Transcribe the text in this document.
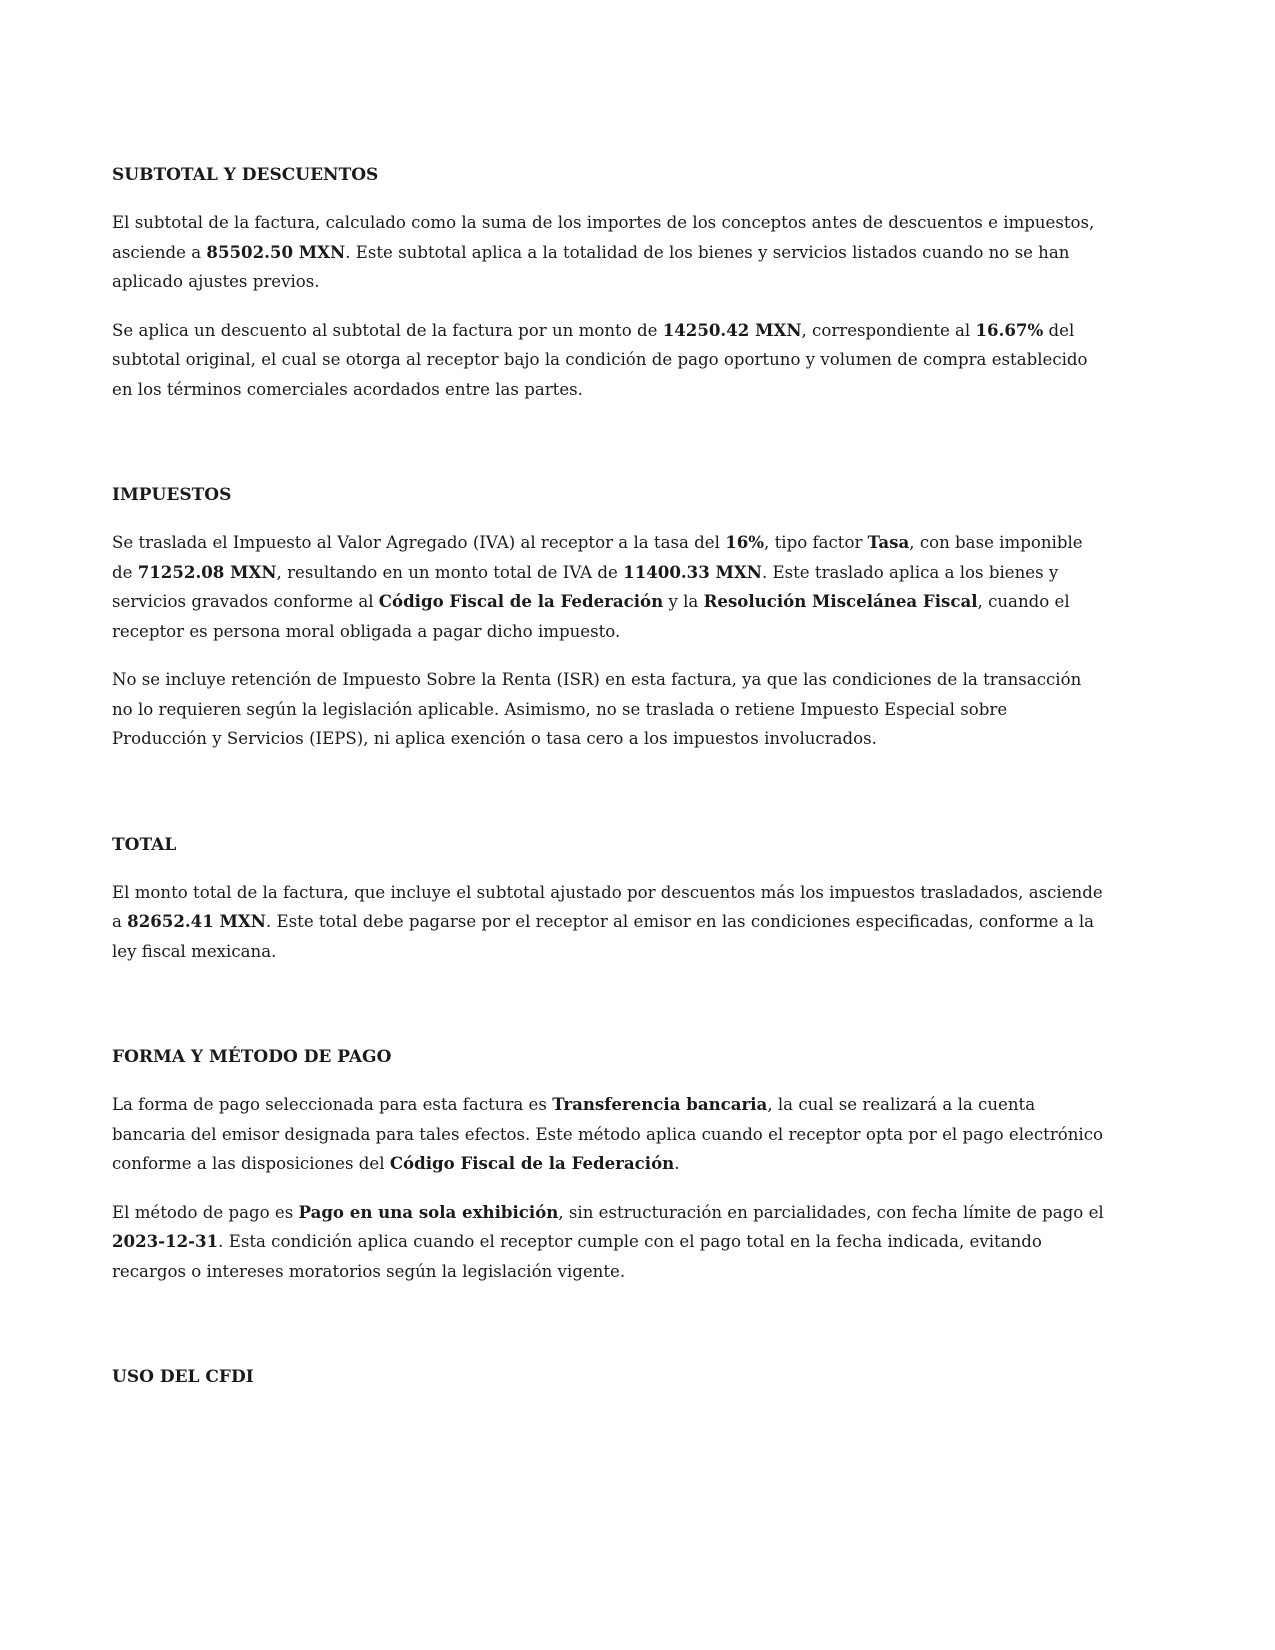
SUBTOTAL Y DESCUENTOS

El subtotal de la factura, calculado como la suma de los importes de los conceptos antes de descuentos e impuestos, asciende a 85502.50 MXN. Este subtotal aplica a la totalidad de los bienes y servicios listados cuando no se han aplicado ajustes previos.

Se aplica un descuento al subtotal de la factura por un monto de 14250.42 MXN, correspondiente al 16.67% del subtotal original, el cual se otorga al receptor bajo la condición de pago oportuno y volumen de compra establecido en los términos comerciales acordados entre las partes.

IMPUESTOS

Se traslada el Impuesto al Valor Agregado (IVA) al receptor a la tasa del 16%, tipo factor Tasa, con base imponible de 71252.08 MXN, resultando en un monto total de IVA de 11400.33 MXN. Este traslado aplica a los bienes y servicios gravados conforme al Código Fiscal de la Federación y la Resolución Miscelánea Fiscal, cuando el receptor es persona moral obligada a pagar dicho impuesto.

No se incluye retención de Impuesto Sobre la Renta (ISR) en esta factura, ya que las condiciones de la transacción no lo requieren según la legislación aplicable. Asimismo, no se traslada o retiene Impuesto Especial sobre Producción y Servicios (IEPS), ni aplica exención o tasa cero a los impuestos involucrados.

TOTAL

El monto total de la factura, que incluye el subtotal ajustado por descuentos más los impuestos trasladados, asciende a 82652.41 MXN. Este total debe pagarse por el receptor al emisor en las condiciones especificadas, conforme a la ley fiscal mexicana.

FORMA Y MÉTODO DE PAGO

La forma de pago seleccionada para esta factura es Transferencia bancaria, la cual se realizará a la cuenta bancaria del emisor designada para tales efectos. Este método aplica cuando el receptor opta por el pago electrónico conforme a las disposiciones del Código Fiscal de la Federación.

El método de pago es Pago en una sola exhibición, sin estructuración en parcialidades, con fecha límite de pago el 2023-12-31. Esta condición aplica cuando el receptor cumple con el pago total en la fecha indicada, evitando recargos o intereses moratorios según la legislación vigente.

USO DEL CFDI
